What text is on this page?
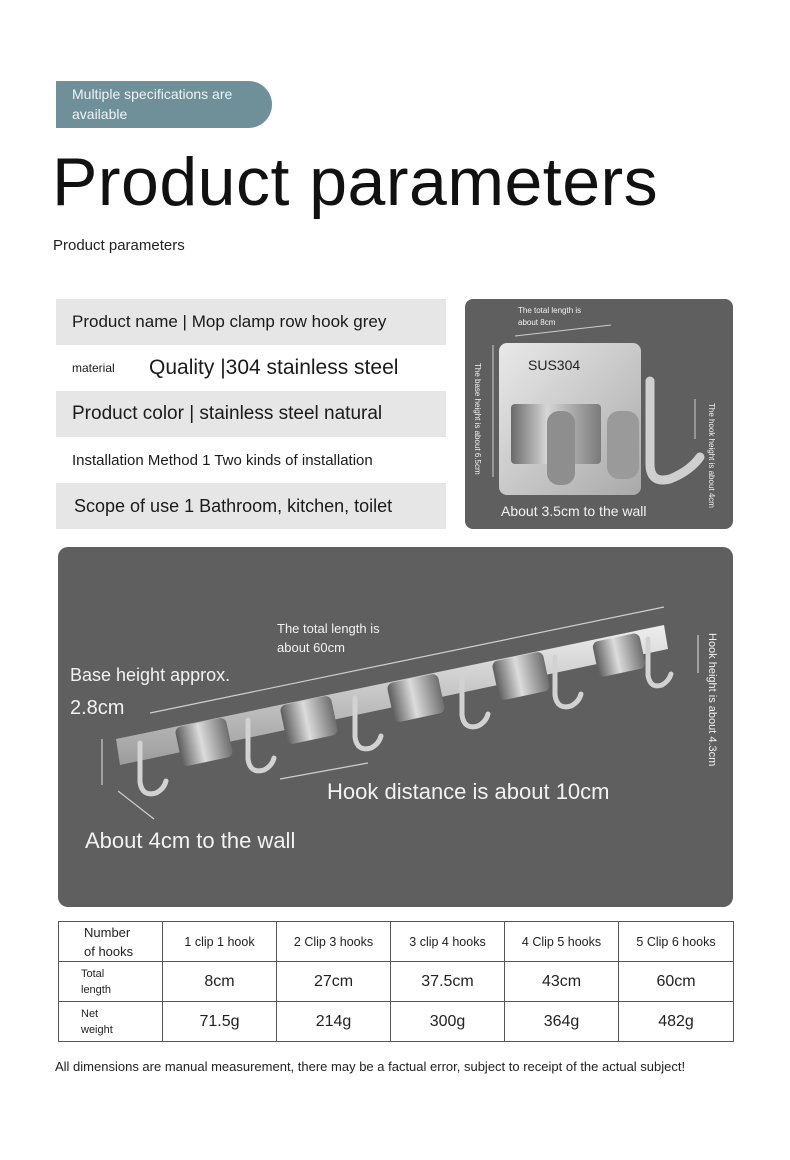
Multiple specifications are available
Product parameters
Product parameters
Product name | Mop clamp row hook grey
material	Quality |304 stainless steel
Product color | stainless steel natural
Installation Method 1 Two kinds of installation
Scope of use 1 Bathroom, kitchen, toilet
The total length is
about 8cm
SUS304
The base height is about 6.5cm	The hook height is about 4cm
About 3.5cm to the wall
The total length is
about 60cm
Base height approx.
2.8cm
Hook height is about 4.3cm
Hook distance is about 10cm
About 4cm to the wall
Number
of hooks	1 clip 1 hook	2 Clip 3 hooks	3 clip 4 hooks	4 Clip 5 hooks	5 Clip 6 hooks

Total
length	8cm	27cm	37.5cm	43cm	60cm

Net
weight	71.5g	214g	300g	364g	482g
All dimensions are manual measurement, there may be a factual error, subject to receipt of the actual subject!
